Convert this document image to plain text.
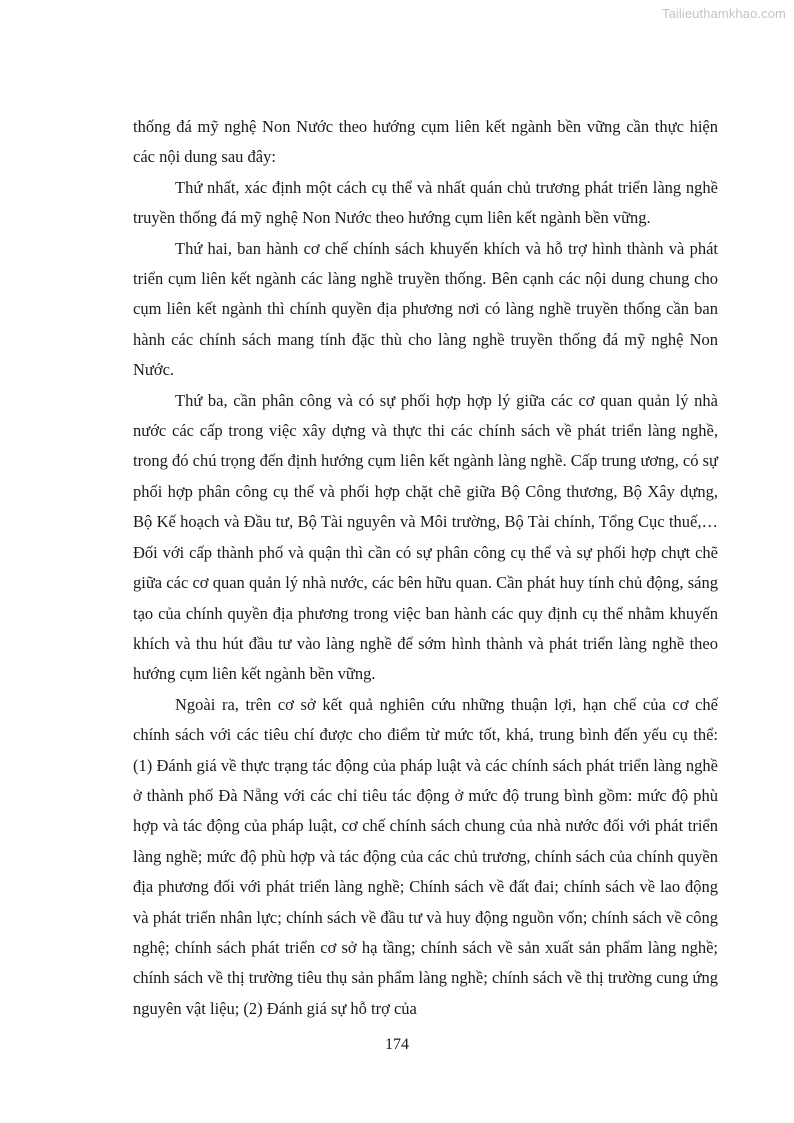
Tailieuthamkhao.com

thống đá mỹ nghệ Non Nước theo hướng cụm liên kết ngành bền vững cần thực hiện các nội dung sau đây:

Thứ nhất, xác định một cách cụ thể và nhất quán chủ trương phát triển làng nghề truyền thống đá mỹ nghệ Non Nước theo hướng cụm liên kết ngành bền vững.

Thứ hai, ban hành cơ chế chính sách khuyến khích và hỗ trợ hình thành và phát triển cụm liên kết ngành các làng nghề truyền thống. Bên cạnh các nội dung chung cho cụm liên kết ngành thì chính quyền địa phương nơi có làng nghề truyền thống cần ban hành các chính sách mang tính đặc thù cho làng nghề truyền thống đá mỹ nghệ Non Nước.

Thứ ba, cần phân công và có sự phối hợp hợp lý giữa các cơ quan quản lý nhà nước các cấp trong việc xây dựng và thực thi các chính sách về phát triển làng nghề, trong đó chú trọng đến định hướng cụm liên kết ngành làng nghề. Cấp trung ương, có sự phối hợp phân công cụ thể và phối hợp chặt chẽ giữa Bộ Công thương, Bộ Xây dựng, Bộ Kế hoạch và Đầu tư, Bộ Tài nguyên và Môi trường, Bộ Tài chính, Tổng Cục thuế,…Đối với cấp thành phố và quận thì cần có sự phân công cụ thể và sự phối hợp chựt chẽ giữa các cơ quan quản lý nhà nước, các bên hữu quan. Cần phát huy tính chủ động, sáng tạo của chính quyền địa phương trong việc ban hành các quy định cụ thể nhằm khuyến khích và thu hút đầu tư vào làng nghề để sớm hình thành và phát triển làng nghề theo hướng cụm liên kết ngành bền vững.

Ngoài ra, trên cơ sở kết quả nghiên cứu những thuận lợi, hạn chế của cơ chế chính sách với các tiêu chí được cho điểm từ mức tốt, khá, trung bình đến yếu cụ thể: (1) Đánh giá về thực trạng tác động của pháp luật và các chính sách phát triển làng nghề ở thành phố Đà Nẵng với các chỉ tiêu tác động ở mức độ trung bình gồm: mức độ phù hợp và tác động của pháp luật, cơ chế chính sách chung của nhà nước đối với phát triển làng nghề; mức độ phù hợp và tác động của các chủ trương, chính sách của chính quyền địa phương đối với phát triển làng nghề; Chính sách về đất đai; chính sách về lao động và phát triển nhân lực; chính sách về đầu tư và huy động nguồn vốn; chính sách về công nghệ; chính sách phát triển cơ sở hạ tầng; chính sách về sản xuất sản phẩm làng nghề; chính sách về thị trường tiêu thụ sản phẩm làng nghề; chính sách về thị trường cung ứng nguyên vật liệu; (2) Đánh giá sự hỗ trợ của

174
